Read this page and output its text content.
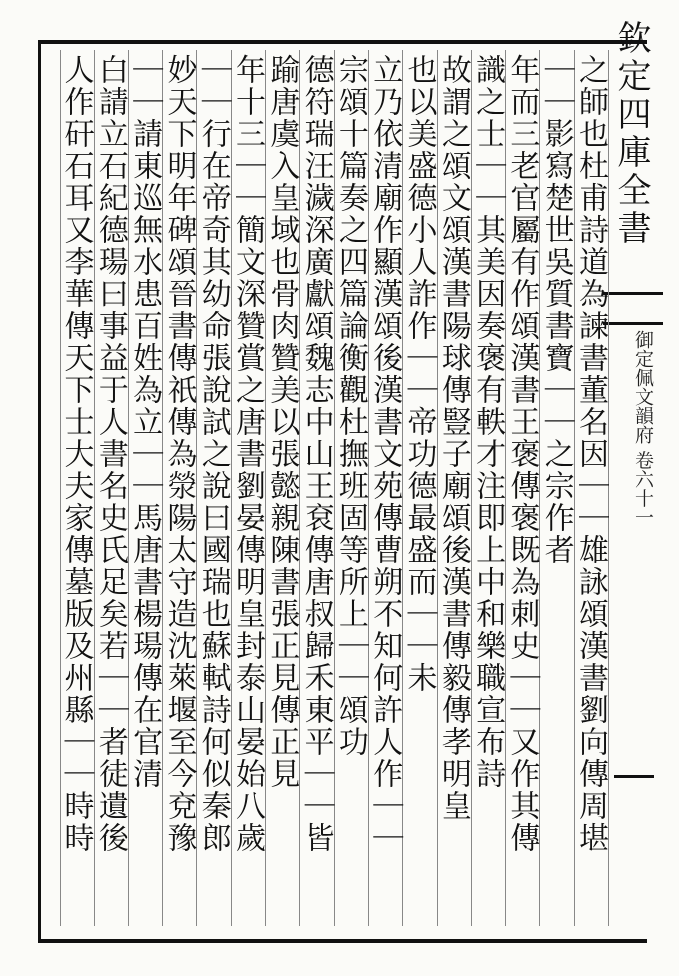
欽定四庫全書
御定佩文韻府 卷六十一
之師也杜甫詩道為諫書董名因｜｜雄詠頌漢書劉向傳周堪
｜｜影寫楚世吳質書寶｜｜之宗作者
年而三老官屬有作頌漢書王褒傳褒既為刺史｜｜又作其傳
識之士｜｜其美因奏褒有軼才注即上中和樂職宣布詩
故謂之頌文頌漢書陽球傳豎子廟頌後漢書傳毅傳孝明皇
也以美盛德小人詐作｜｜帝功德最盛而｜｜未
立乃依清廟作顯漢頌後漢書文苑傳曹朔不知何許人作｜｜
宗頌十篇奏之四篇論衡觀杜撫班固等所上｜｜頌功
德符瑞汪濊深廣獻頌魏志中山王袞傳唐叔歸禾東平｜｜皆
踰唐虞入皇域也骨肉贊美以張懿親陳書張正見傳正見
年十三｜｜簡文深贊賞之唐書劉晏傳明皇封泰山晏始八歲
｜｜行在帝奇其幼命張說試之說曰國瑞也蘇軾詩何似秦郎
妙天下明年碑頌晉書傳祇傳為滎陽太守造沈萊堰至今兗豫
｜｜請東巡無水患百姓為立｜｜馬唐書楊瑒傳在官清
白請立石紀德瑒曰事益于人書名史氏足矣若｜｜者徒遺後
人作矸石耳又李華傳天下士大夫家傳墓版及州縣｜｜時時
